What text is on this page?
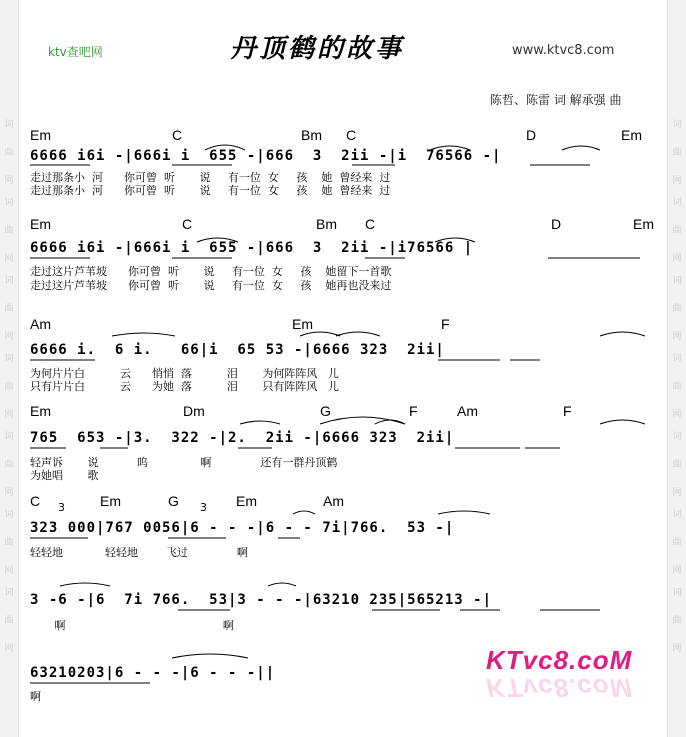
词
曲
网
词
曲
网
词
曲
网
词
曲
网
词
曲
网
词
曲
网
词
曲
网
词
曲
网
词
曲
网
词
曲
网
词
曲
网
词
曲
网
词
曲
网
词
曲
网
ktv查吧网	丹顶鹤的故事	www.ktvc8.com
陈哲、陈雷 词 解承强 曲
Em	C	Bm C	D	Em
6666 i6i -|666i i  655 -|666  3  2ii -|i  76566 -|
走过那条小  河      你可曾  听       说     有一位  女     孩    她  曾经来  过
走过那条小  河      你可曾  听       说     有一位  女     孩    她  曾经来  过
Em	C	Bm C	D	Em
6666 i6i -|666i i  655 -|666  3  2ii -|i76566 |
走过这片芦苇坡      你可曾  听       说     有一位  女     孩    她留下一首歌
走过这片芦苇坡      你可曾  听       说     有一位  女     孩    她再也没来过
Am	Em	F
6666 i.  6 i.   66|i  65 53 -|6666 323  2ii|
为何片片白          云      悄悄  落          泪       为何阵阵风   儿
只有片片白          云      为她  落          泪       只有阵阵风   儿
Em	Dm	G	F	Am	F
765  653 -|3.  322 -|2.  2ii -|6666 323  2ii|
轻声诉       说           呜               啊              还有一群丹顶鹤
为她唱       歌
C	Em	G	Em	Am
3	3
323 000|767 0056|6 - - -|6 - - 7i|766.  53 -|
轻轻地            轻轻地        飞过              啊
3 -6 -|6  7i 766.  53|3 - - -|63210 235|565213 -|
啊                                             啊
63210203|6 - - -|6 - - -||
啊
KTvc8.coM
KTvc8.coM
